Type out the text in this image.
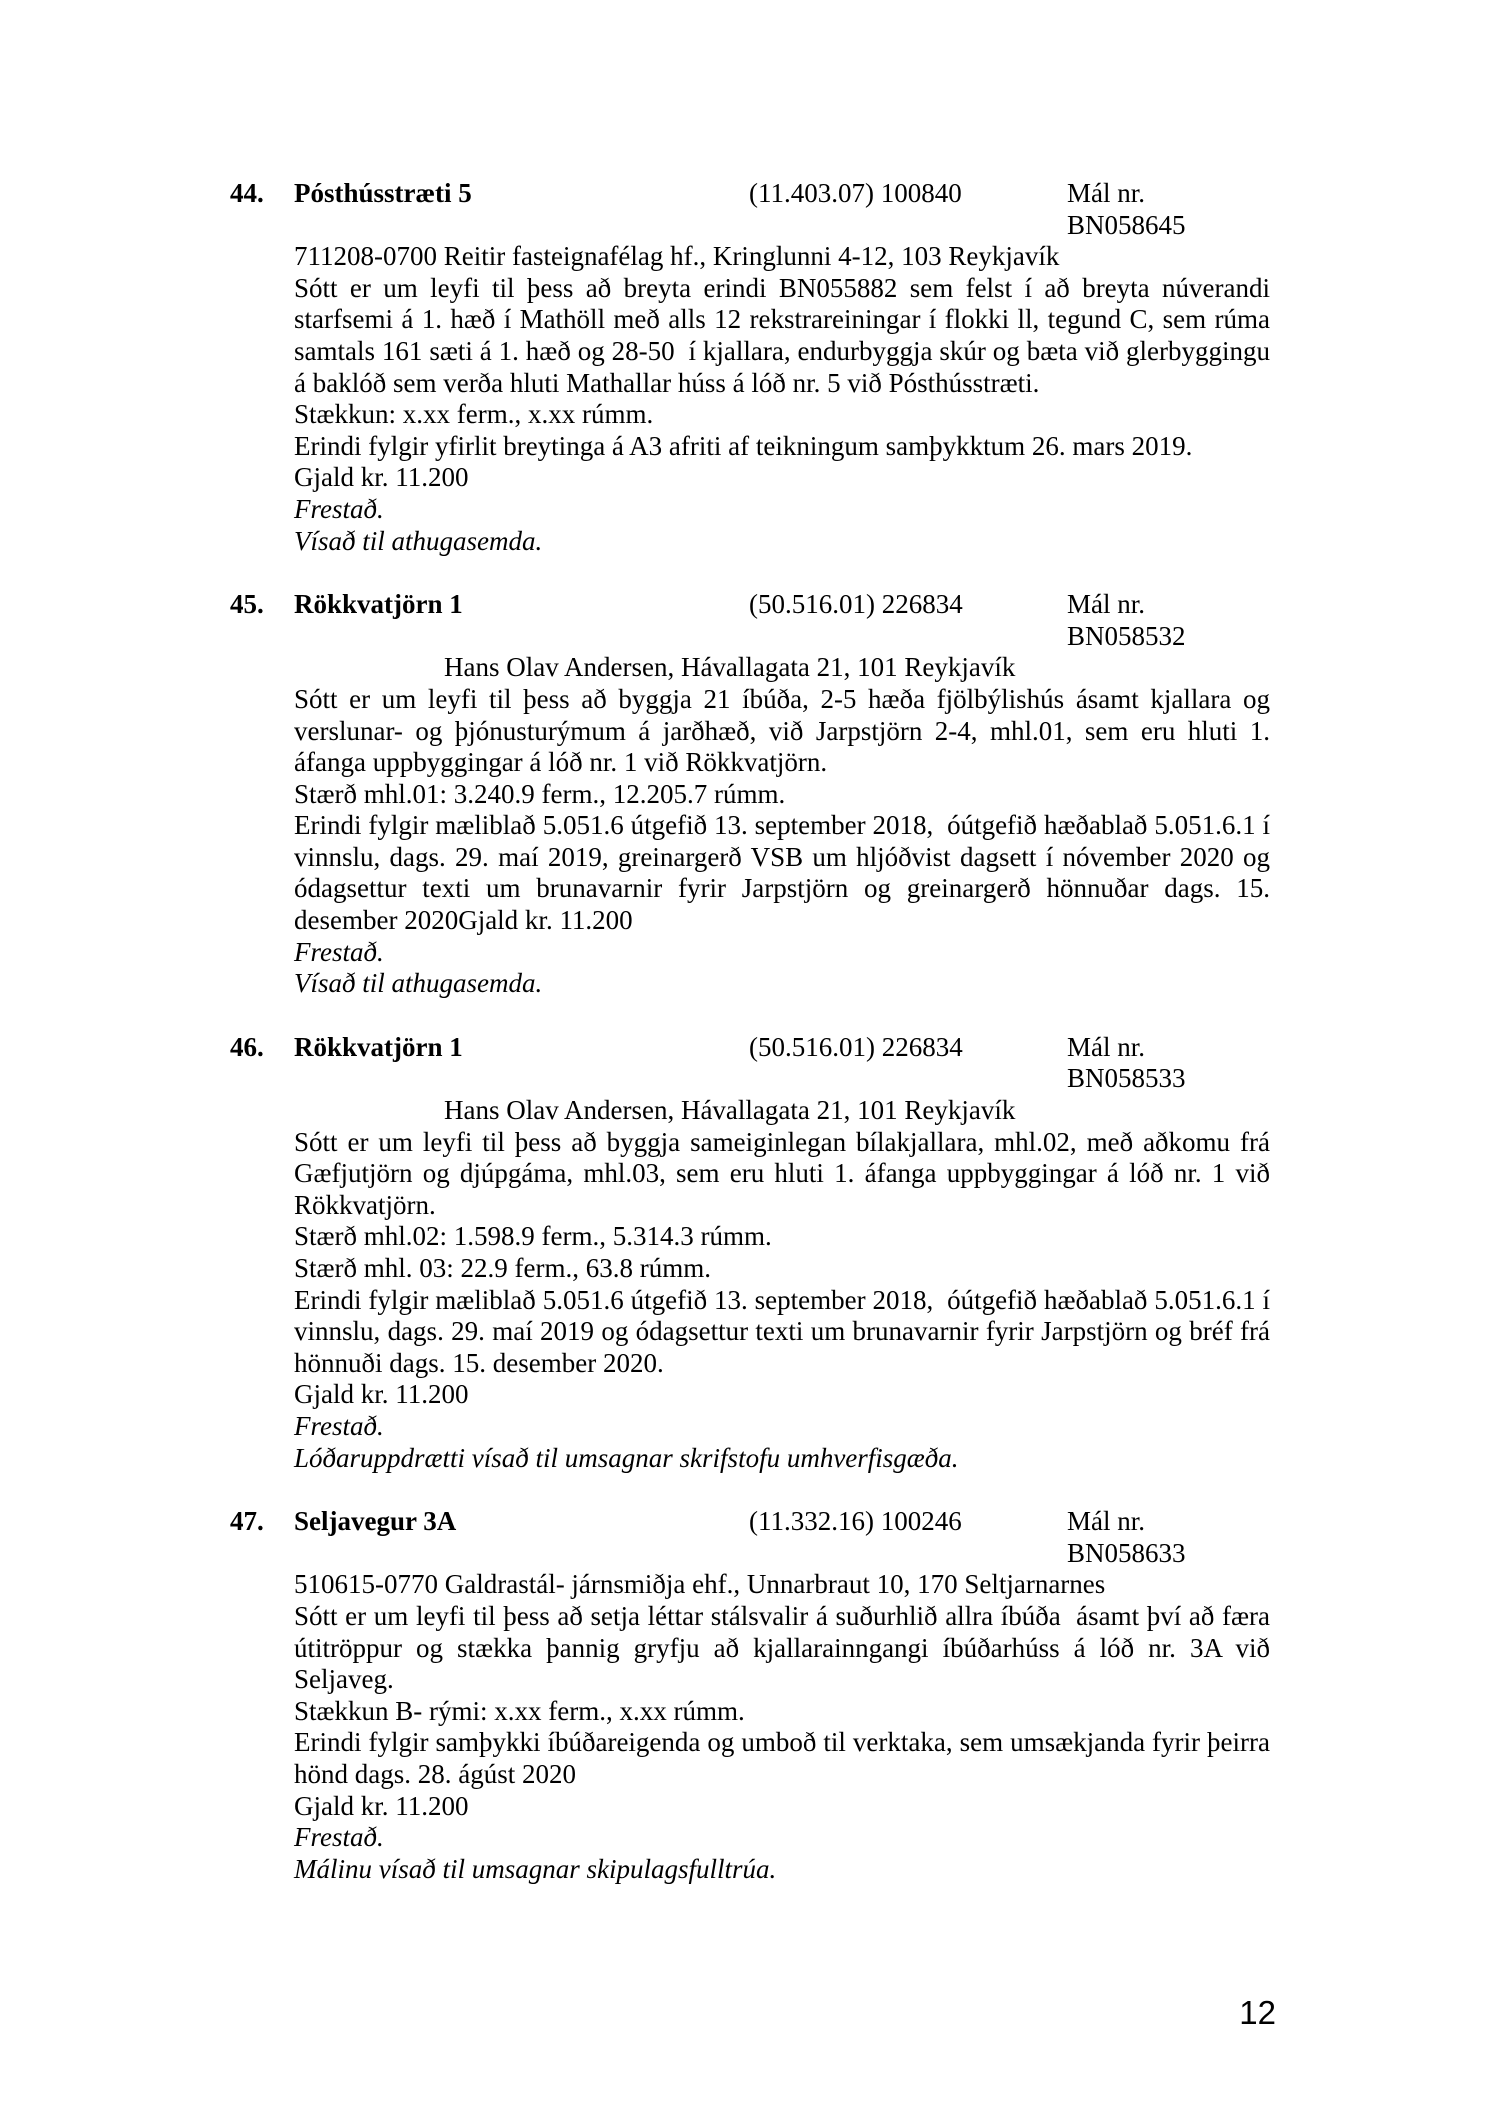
44.	Pósthússtræti 5	(11.403.07) 100840	Mál nr. BN058645
711208-0700 Reitir fasteignafélag hf., Kringlunni 4-12, 103 Reykjavík

Sótt er um leyfi til þess að breyta erindi BN055882 sem felst í að breyta núverandi starfsemi á 1. hæð í Mathöll með alls 12 rekstrareiningar í flokki ll, tegund C, sem rúma samtals 161 sæti á 1. hæð og 28-50  í kjallara, endurbyggja skúr og bæta við glerbyggingu á baklóð sem verða hluti Mathallar húss á lóð nr. 5 við Pósthússtræti.

Stækkun: x.xx ferm., x.xx rúmm.

Erindi fylgir yfirlit breytinga á A3 afriti af teikningum samþykktum 26. mars 2019.

Gjald kr. 11.200

Frestað.

Vísað til athugasemda.

45.	Rökkvatjörn 1	(50.516.01) 226834	Mál nr. BN058532
Hans Olav Andersen, Hávallagata 21, 101 Reykjavík

Sótt er um leyfi til þess að byggja 21 íbúða, 2-5 hæða fjölbýlishús ásamt kjallara og verslunar- og þjónusturýmum á jarðhæð, við Jarpstjörn 2-4, mhl.01, sem eru hluti 1. áfanga uppbyggingar á lóð nr. 1 við Rökkvatjörn.

Stærð mhl.01: 3.240.9 ferm., 12.205.7 rúmm.

Erindi fylgir mæliblað 5.051.6 útgefið 13. september 2018,  óútgefið hæðablað 5.051.6.1 í vinnslu, dags. 29. maí 2019, greinargerð VSB um hljóðvist dagsett í nóvember 2020 og ódagsettur texti um brunavarnir fyrir Jarpstjörn og greinargerð hönnuðar dags. 15. desember 2020Gjald kr. 11.200

Frestað.

Vísað til athugasemda.

46.	Rökkvatjörn 1	(50.516.01) 226834	Mál nr. BN058533
Hans Olav Andersen, Hávallagata 21, 101 Reykjavík

Sótt er um leyfi til þess að byggja sameiginlegan bílakjallara, mhl.02, með aðkomu frá Gæfjutjörn og djúpgáma, mhl.03, sem eru hluti 1. áfanga uppbyggingar á lóð nr. 1 við Rökkvatjörn.

Stærð mhl.02: 1.598.9 ferm., 5.314.3 rúmm.

Stærð mhl. 03: 22.9 ferm., 63.8 rúmm.

Erindi fylgir mæliblað 5.051.6 útgefið 13. september 2018,  óútgefið hæðablað 5.051.6.1 í vinnslu, dags. 29. maí 2019 og ódagsettur texti um brunavarnir fyrir Jarpstjörn og bréf frá hönnuði dags. 15. desember 2020.

Gjald kr. 11.200

Frestað.

Lóðaruppdrætti vísað til umsagnar skrifstofu umhverfisgæða.

47.	Seljavegur 3A	(11.332.16) 100246	Mál nr. BN058633
510615-0770 Galdrastál- járnsmiðja ehf., Unnarbraut 10, 170 Seltjarnarnes

Sótt er um leyfi til þess að setja léttar stálsvalir á suðurhlið allra íbúða  ásamt því að færa útitröppur og stækka þannig gryfju að kjallarainngangi íbúðarhúss á lóð nr. 3A við Seljaveg.

Stækkun B- rými: x.xx ferm., x.xx rúmm.

Erindi fylgir samþykki íbúðareigenda og umboð til verktaka, sem umsækjanda fyrir þeirra hönd dags. 28. ágúst 2020

Gjald kr. 11.200

Frestað.

Málinu vísað til umsagnar skipulagsfulltrúa.

12
